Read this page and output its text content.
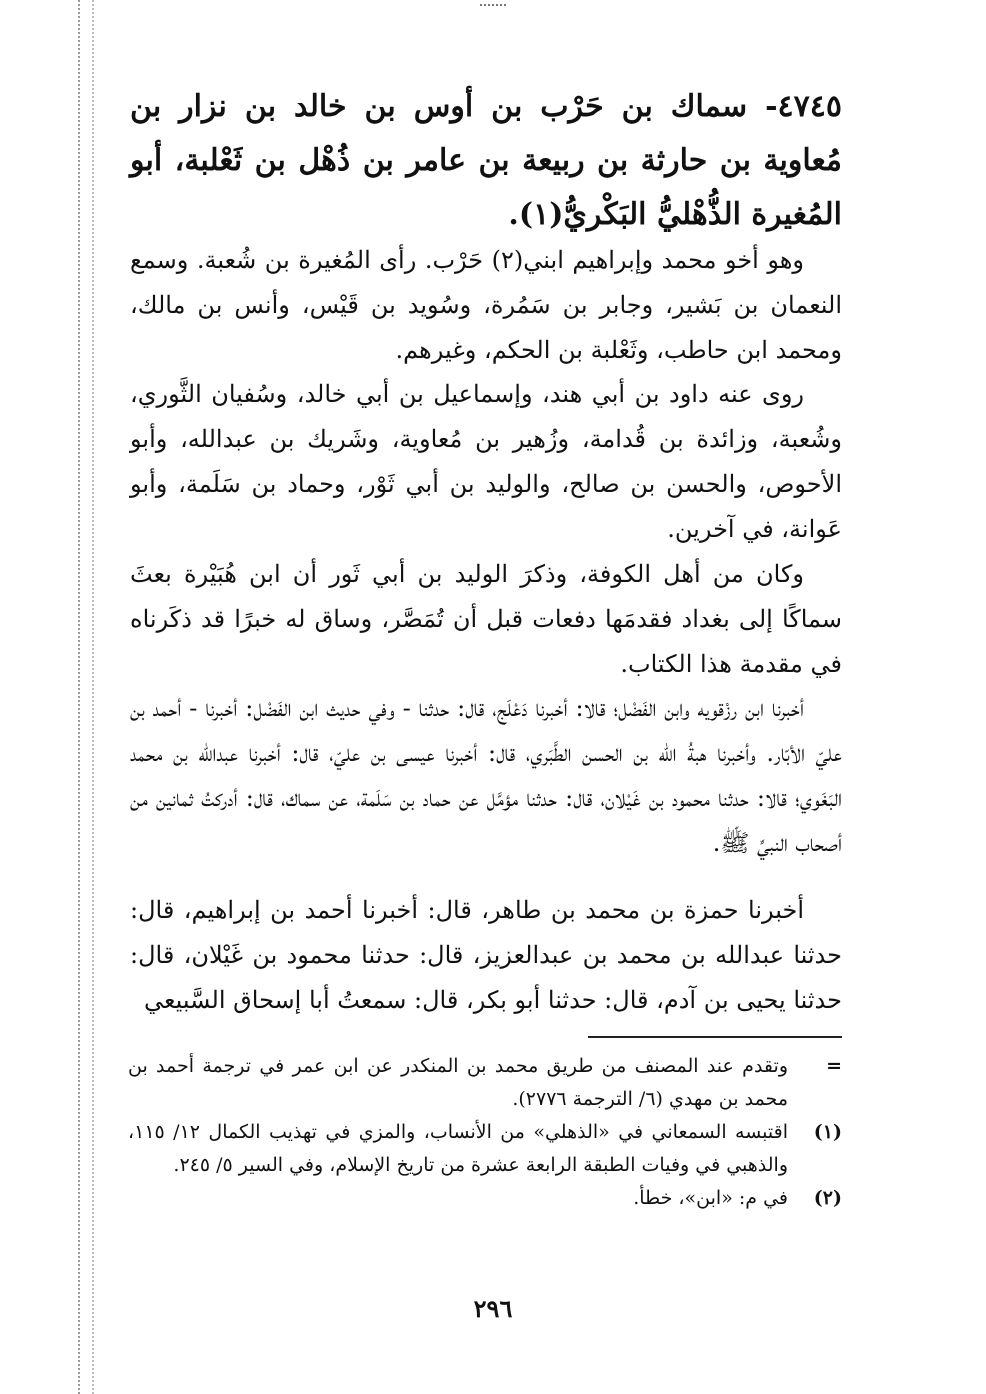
٤٧٤٥- سماك بن حَرْب بن أوس بن خالد بن نزار بن مُعاوية بن حارثة بن ربيعة بن عامر بن ذُهْل بن ثَعْلبة، أبو المُغيرة الذُّهْليُّ البَكْريُّ(١).
وهو أخو محمد وإبراهيم ابني(٢) حَرْب. رأى المُغيرة بن شُعبة. وسمع النعمان بن بَشير، وجابر بن سَمُرة، وسُويد بن قَيْس، وأنس بن مالك، ومحمد ابن حاطب، وثَعْلبة بن الحكم، وغيرهم.
روى عنه داود بن أبي هند، وإسماعيل بن أبي خالد، وسُفيان الثَّوري، وشُعبة، وزائدة بن قُدامة، وزُهير بن مُعاوية، وشَريك بن عبدالله، وأبو الأحوص، والحسن بن صالح، والوليد بن أبي ثَوْر، وحماد بن سَلَمة، وأبو عَوانة، في آخرين.
وكان من أهل الكوفة، وذكرَ الوليد بن أبي ثَور أن ابن هُبَيْرة بعثَ سماكًا إلى بغداد فقدمَها دفعات قبل أن تُمَصَّر، وساق له خبرًا قد ذكَرناه في مقدمة هذا الكتاب.
أخبرنا ابن رزْقويه وابن الفَضْل؛ قالا: أخبرنا دَعْلَج، قال: حدثنا - وفي حديث ابن الفَضْل: أخبرنا - أحمد بن عليّ الأبّار. وأخبرنا هبةُ الله بن الحسن الطَّبَري، قال: أخبرنا عيسى بن عليّ، قال: أخبرنا عبدالله بن محمد البَغَوي؛ قالا: حدثنا محمود بن غَيْلان، قال: حدثنا مؤمَّل عن حماد بن سَلَمة، عن سماك، قال: أدركتُ ثمانين من أصحاب النبيِّ ﷺ.
أخبرنا حمزة بن محمد بن طاهر، قال: أخبرنا أحمد بن إبراهيم، قال: حدثنا عبدالله بن محمد بن عبدالعزيز، قال: حدثنا محمود بن غَيْلان، قال: حدثنا يحيى بن آدم، قال: حدثنا أبو بكر، قال: سمعتُ أبا إسحاق السَّبيعي
=
وتقدم عند المصنف من طريق محمد بن المنكدر عن ابن عمر في ترجمة أحمد بن محمد بن مهدي (٦/ الترجمة ٢٧٧٦).
(١)
اقتبسه السمعاني في «الذهلي» من الأنساب، والمزي في تهذيب الكمال ١٢/ ١١٥، والذهبي في وفيات الطبقة الرابعة عشرة من تاريخ الإسلام، وفي السير ٥/ ٢٤٥.
(٢)
في م: «ابن»، خطأ.
٢٩٦
